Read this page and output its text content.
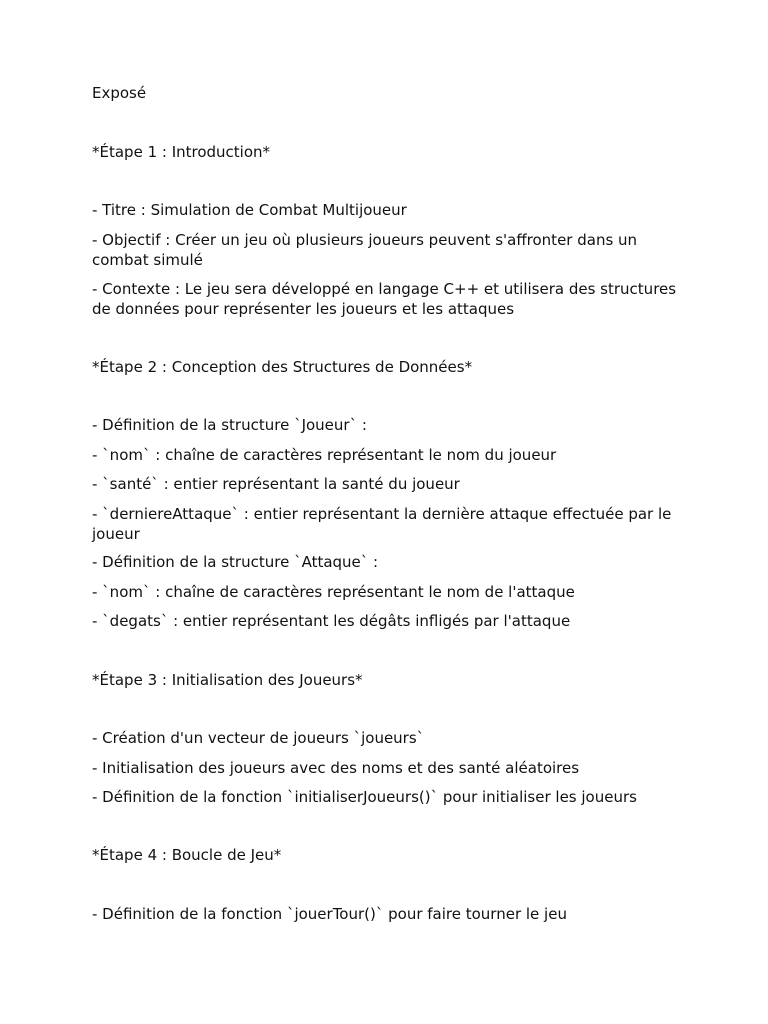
Exposé
*Étape 1 : Introduction*
- Titre : Simulation de Combat Multijoueur
- Objectif : Créer un jeu où plusieurs joueurs peuvent s'affronter dans un combat simulé
- Contexte : Le jeu sera développé en langage C++ et utilisera des structures de données pour représenter les joueurs et les attaques
*Étape 2 : Conception des Structures de Données*
- Définition de la structure `Joueur` :
- `nom` : chaîne de caractères représentant le nom du joueur
- `santé` : entier représentant la santé du joueur
- `derniereAttaque` : entier représentant la dernière attaque effectuée par le joueur
- Définition de la structure `Attaque` :
- `nom` : chaîne de caractères représentant le nom de l'attaque
- `degats` : entier représentant les dégâts infligés par l'attaque
*Étape 3 : Initialisation des Joueurs*
- Création d'un vecteur de joueurs `joueurs`
- Initialisation des joueurs avec des noms et des santé aléatoires
- Définition de la fonction `initialiserJoueurs()` pour initialiser les joueurs
*Étape 4 : Boucle de Jeu*
- Définition de la fonction `jouerTour()` pour faire tourner le jeu
